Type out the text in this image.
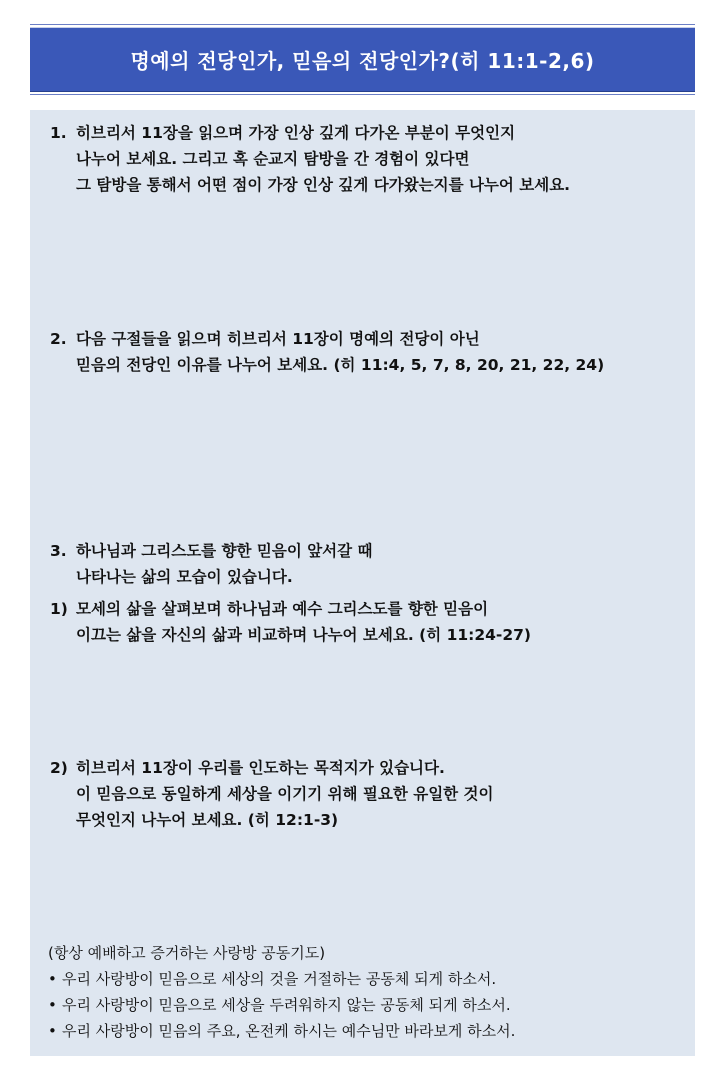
명예의 전당인가, 믿음의 전당인가?(히 11:1-2,6)
1. 히브리서 11장을 읽으며 가장 인상 깊게 다가온 부분이 무엇인지
나누어 보세요. 그리고 혹 순교지 탐방을 간 경험이 있다면
그 탐방을 통해서 어떤 점이 가장 인상 깊게 다가왔는지를 나누어 보세요.
2. 다음 구절들을 읽으며 히브리서 11장이 명예의 전당이 아닌
믿음의 전당인 이유를 나누어 보세요. (히 11:4, 5, 7, 8, 20, 21, 22, 24)
3. 하나님과 그리스도를 향한 믿음이 앞서갈 때
나타나는 삶의 모습이 있습니다.
1) 모세의 삶을 살펴보며 하나님과 예수 그리스도를 향한 믿음이
이끄는 삶을 자신의 삶과 비교하며 나누어 보세요. (히 11:24-27)
2) 히브리서 11장이 우리를 인도하는 목적지가 있습니다.
이 믿음으로 동일하게 세상을 이기기 위해 필요한 유일한 것이
무엇인지 나누어 보세요. (히 12:1-3)
(항상 예배하고 증거하는 사랑방 공동기도)
• 우리 사랑방이 믿음으로 세상의 것을 거절하는 공동체 되게 하소서.
• 우리 사랑방이 믿음으로 세상을 두려워하지 않는 공동체 되게 하소서.
• 우리 사랑방이 믿음의 주요, 온전케 하시는 예수님만 바라보게 하소서.
